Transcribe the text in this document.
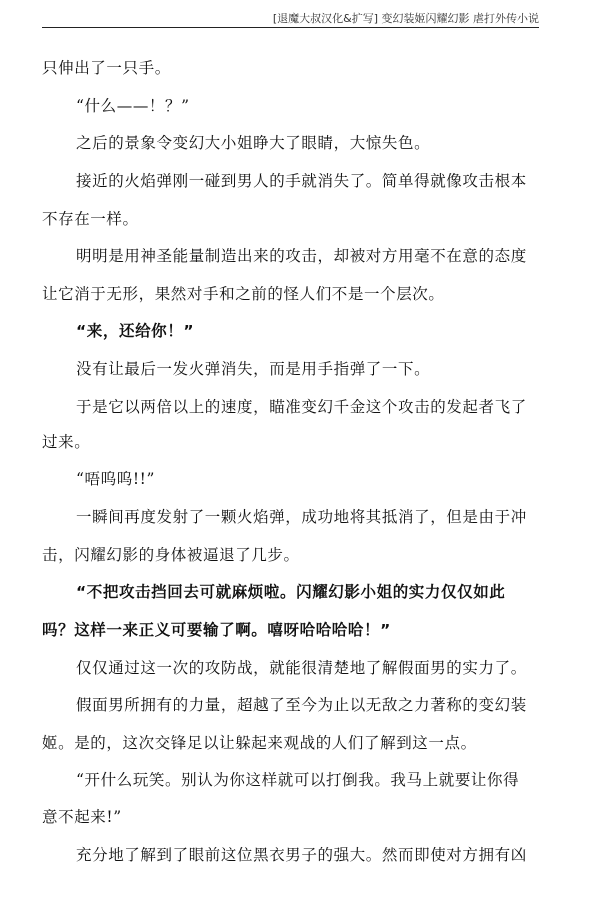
[退魔大叔汉化&扩写] 变幻装姬闪耀幻影 虐打外传小说
只伸出了一只手。
“什么——！？”
之后的景象令变幻大小姐睁大了眼睛，大惊失色。
接近的火焰弹刚一碰到男人的手就消失了。简单得就像攻击根本
不存在一样。
明明是用神圣能量制造出来的攻击，却被对方用毫不在意的态度
让它消于无形，果然对手和之前的怪人们不是一个层次。
“来，还给你！”
没有让最后一发火弹消失，而是用手指弹了一下。
于是它以两倍以上的速度，瞄准变幻千金这个攻击的发起者飞了
过来。
“唔呜呜!!”
一瞬间再度发射了一颗火焰弹，成功地将其抵消了，但是由于冲
击，闪耀幻影的身体被逼退了几步。
“不把攻击挡回去可就麻烦啦。闪耀幻影小姐的实力仅仅如此
吗？这样一来正义可要输了啊。嘻呀哈哈哈哈！”
仅仅通过这一次的攻防战，就能很清楚地了解假面男的实力了。
假面男所拥有的力量，超越了至今为止以无敌之力著称的变幻装
姬。是的，这次交锋足以让躲起来观战的人们了解到这一点。
“开什么玩笑。别认为你这样就可以打倒我。我马上就要让你得
意不起来!”
充分地了解到了眼前这位黑衣男子的强大。然而即使对方拥有凶
